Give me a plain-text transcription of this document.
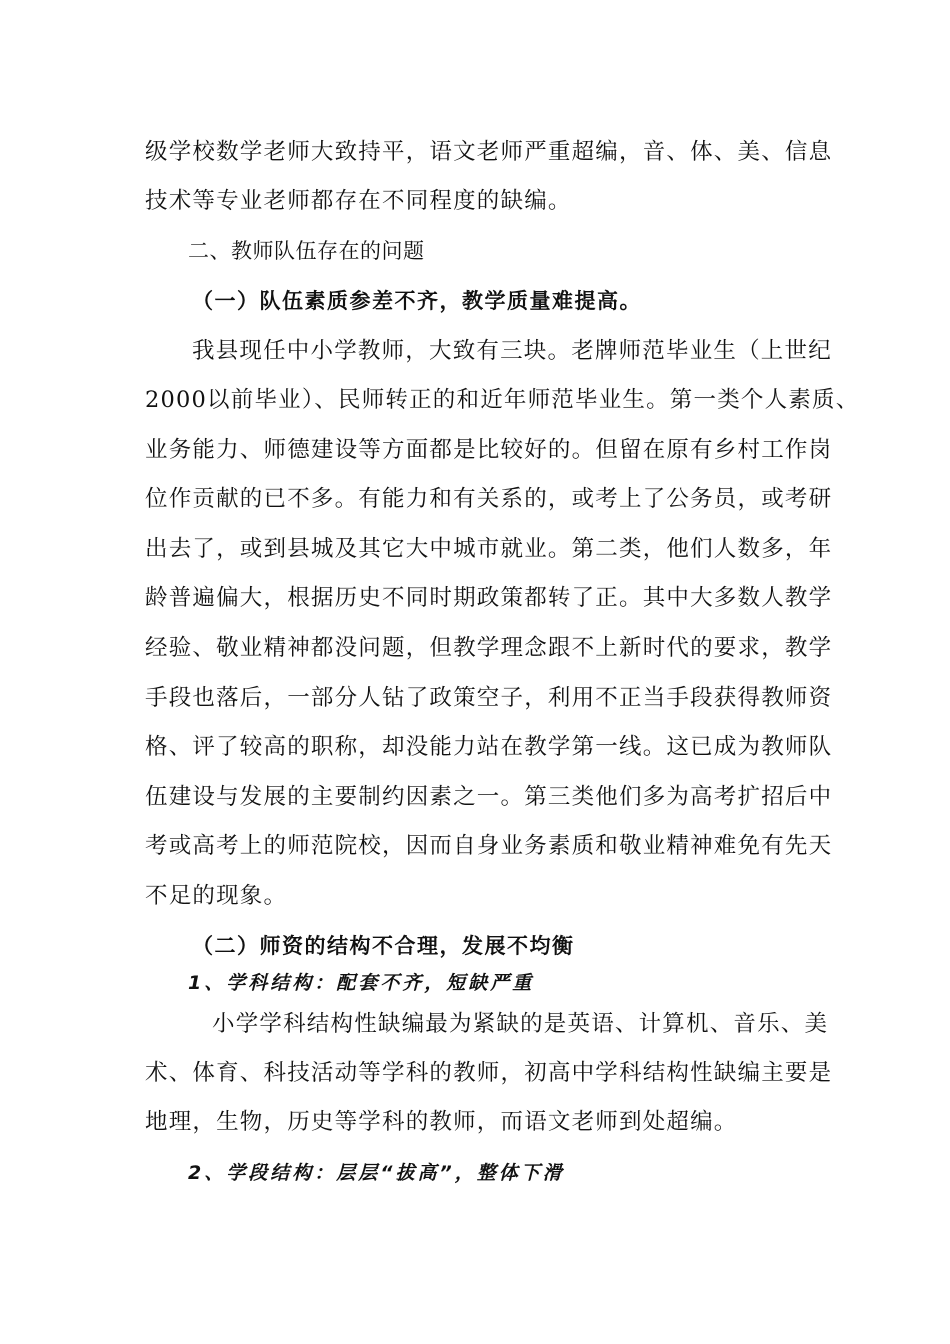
级学校数学老师大致持平，语文老师严重超编，音、体、美、信息
技术等专业老师都存在不同程度的缺编。
二、教师队伍存在的问题
（一）队伍素质参差不齐，教学质量难提高。
我县现任中小学教师，大致有三块。老牌师范毕业生（上世纪
2000以前毕业）、民师转正的和近年师范毕业生。第一类个人素质、
业务能力、师德建设等方面都是比较好的。但留在原有乡村工作岗
位作贡献的已不多。有能力和有关系的，或考上了公务员，或考研
出去了，或到县城及其它大中城市就业。第二类，他们人数多，年
龄普遍偏大，根据历史不同时期政策都转了正。其中大多数人教学
经验、敬业精神都没问题，但教学理念跟不上新时代的要求，教学
手段也落后，一部分人钻了政策空子，利用不正当手段获得教师资
格、评了较高的职称，却没能力站在教学第一线。这已成为教师队
伍建设与发展的主要制约因素之一。第三类他们多为高考扩招后中
考或高考上的师范院校，因而自身业务素质和敬业精神难免有先天
不足的现象。
（二）师资的结构不合理，发展不均衡
1、学科结构：配套不齐，短缺严重
小学学科结构性缺编最为紧缺的是英语、计算机、音乐、美
术、体育、科技活动等学科的教师，初高中学科结构性缺编主要是
地理，生物，历史等学科的教师，而语文老师到处超编。
2、学段结构：层层“拔高”，整体下滑
